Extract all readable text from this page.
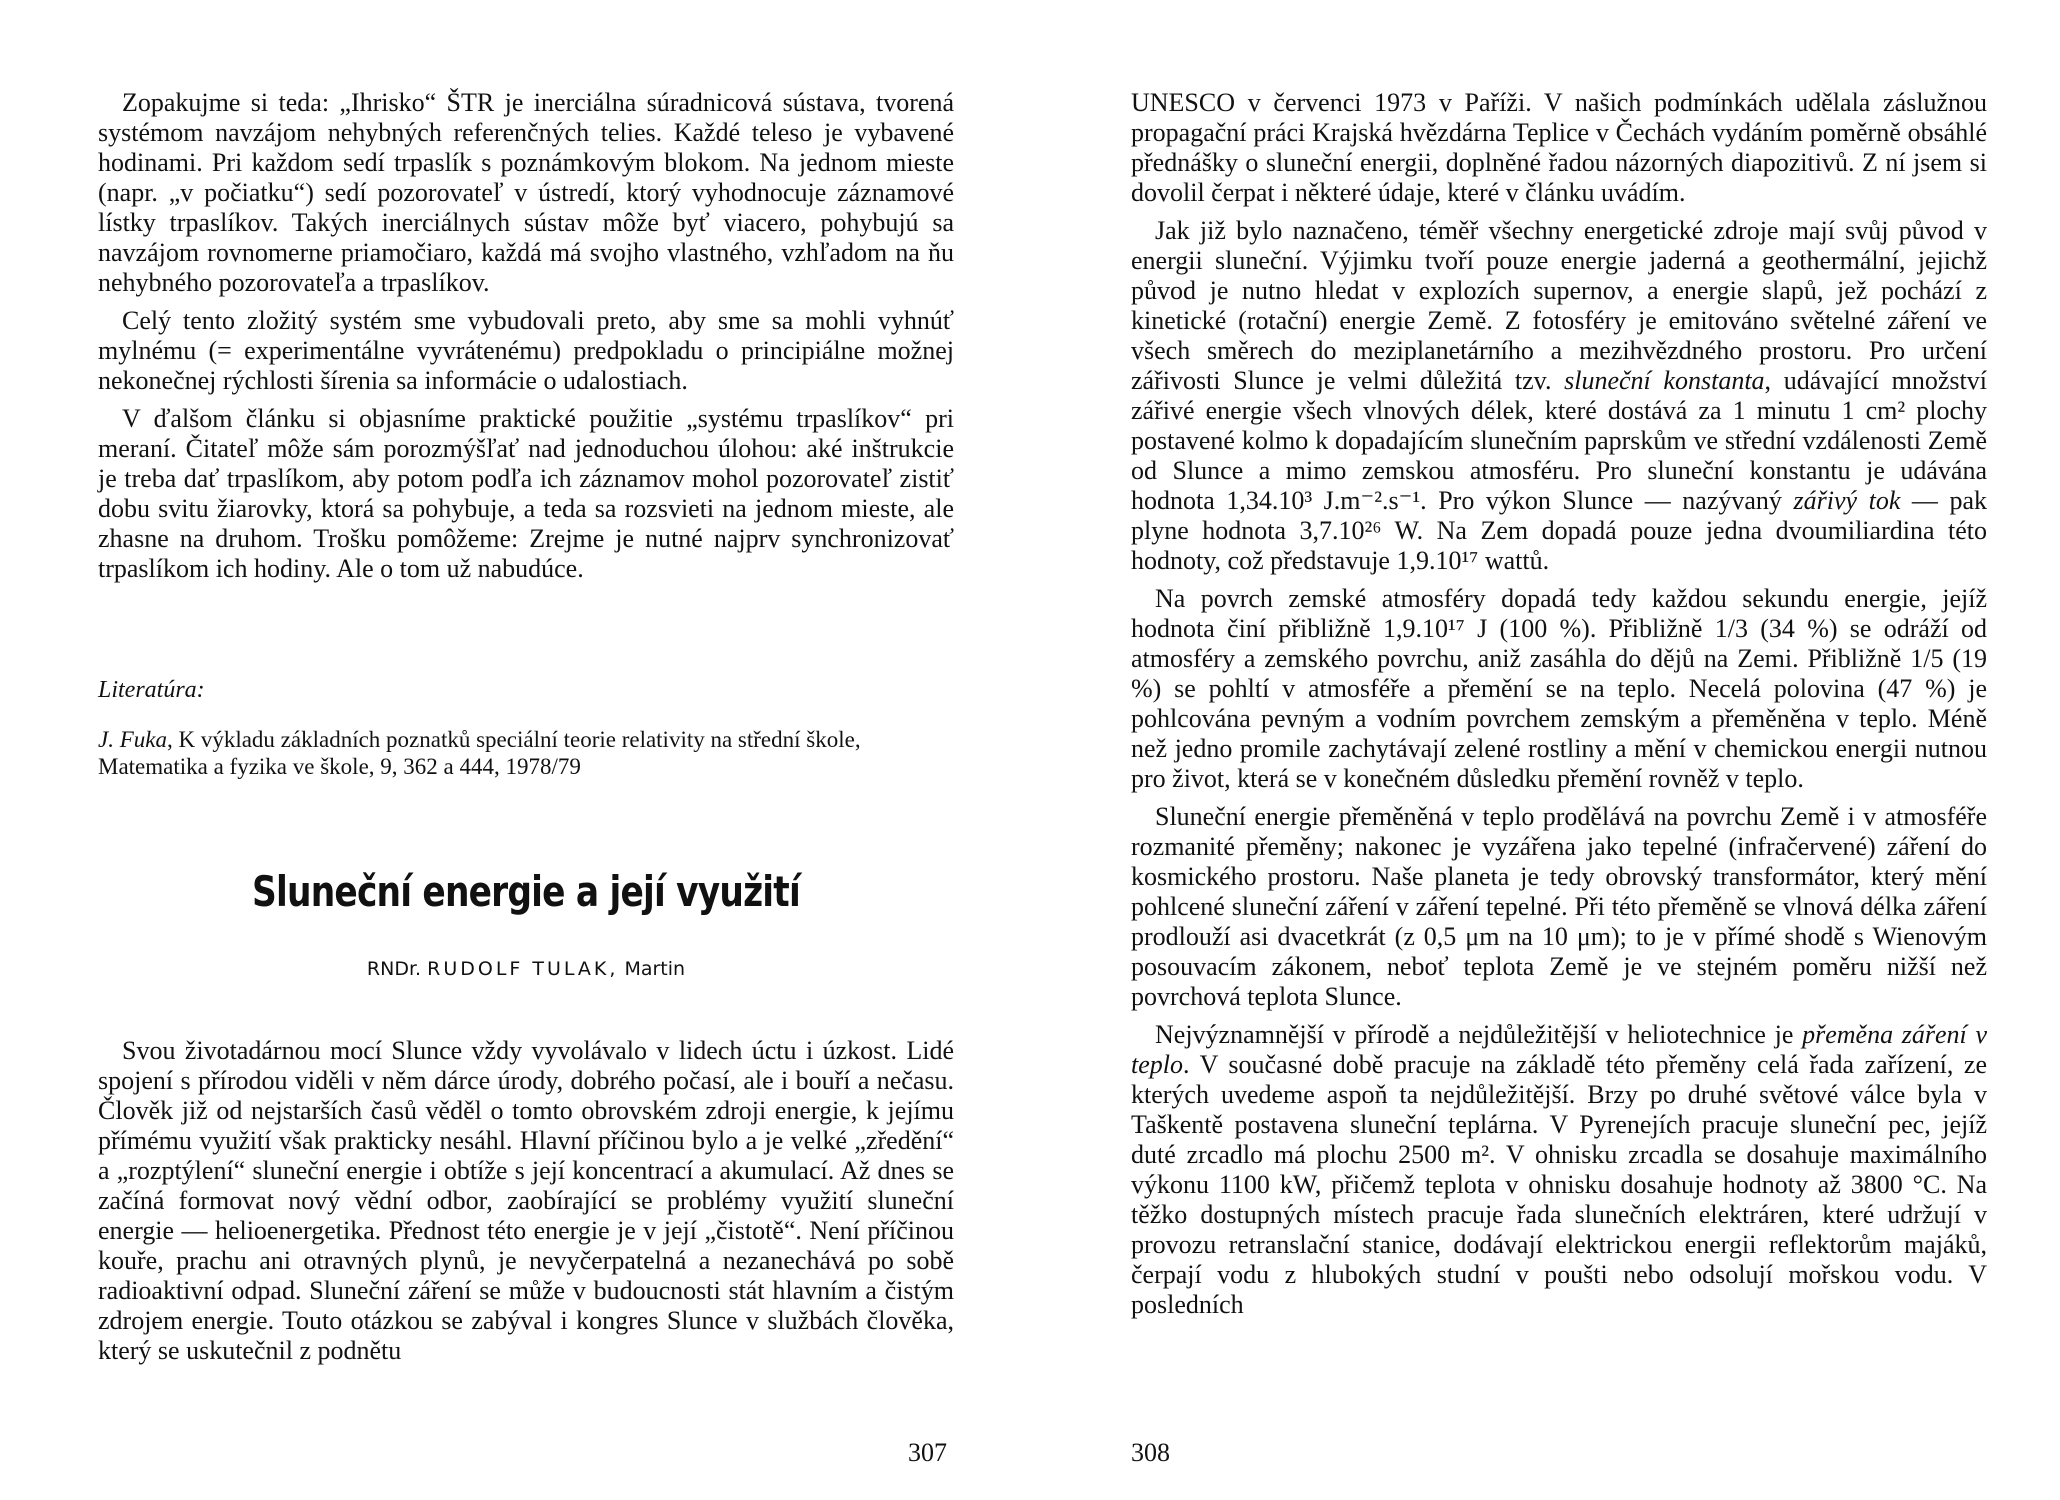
Zopakujme si teda: „Ihrisko“ ŠTR je inerciálna súradnicová sústava, tvorená systémom navzájom nehybných referenčných telies. Každé teleso je vybavené hodinami. Pri každom sedí trpaslík s poznámkovým blokom. Na jednom mieste (napr. „v počiatku“) sedí pozorovateľ v ústredí, ktorý vyhodnocuje záznamové lístky trpaslíkov. Takých inerciálnych sústav môže byť viacero, pohybujú sa navzájom rovnomerne priamočiaro, každá má svojho vlastného, vzhľadom na ňu nehybného pozorovateľa a trpaslíkov.

Celý tento zložitý systém sme vybudovali preto, aby sme sa mohli vyhnúť mylnému (= experimentálne vyvrátenému) predpokladu o principiálne možnej nekonečnej rýchlosti šírenia sa informácie o udalostiach.

V ďalšom článku si objasníme praktické použitie „systému trpaslíkov“ pri meraní. Čitateľ môže sám porozmýšľať nad jednoduchou úlohou: aké inštrukcie je treba dať trpaslíkom, aby potom podľa ich záznamov mohol pozorovateľ zistiť dobu svitu žiarovky, ktorá sa pohybuje, a teda sa rozsvieti na jednom mieste, ale zhasne na druhom. Trošku pomôžeme: Zrejme je nutné najprv synchronizovať trpaslíkom ich hodiny. Ale o tom už nabudúce.

Literatúra:

J. Fuka, K výkladu základních poznatků speciální teorie relativity na střední škole, Matematika a fyzika ve škole, 9, 362 a 444, 1978/79

Sluneční energie a její využití
RNDr. RUDOLF TULAK, Martin

Svou životadárnou mocí Slunce vždy vyvolávalo v lidech úctu i úzkost. Lidé spojení s přírodou viděli v něm dárce úrody, dobrého počasí, ale i bouří a nečasu. Člověk již od nejstarších časů věděl o tomto obrovském zdroji energie, k jejímu přímému využití však prakticky nesáhl. Hlavní příčinou bylo a je velké „zředění“ a „rozptýlení“ sluneční energie i obtíže s její koncentrací a akumulací. Až dnes se začíná formovat nový vědní odbor, zaobírající se problémy využití sluneční energie — helioenergetika. Přednost této energie je v její „čistotě“. Není příčinou kouře, prachu ani otravných plynů, je nevyčerpatelná a nezanechává po sobě radioaktivní odpad. Sluneční záření se může v budoucnosti stát hlavním a čistým zdrojem energie. Touto otázkou se zabýval i kongres Slunce v službách člověka, který se uskutečnil z podnětu

307

UNESCO v červenci 1973 v Paříži. V našich podmínkách udělala záslužnou propagační práci Krajská hvězdárna Teplice v Čechách vydáním poměrně obsáhlé přednášky o sluneční energii, doplněné řadou názorných diapozitivů. Z ní jsem si dovolil čerpat i některé údaje, které v článku uvádím.

Jak již bylo naznačeno, téměř všechny energetické zdroje mají svůj původ v energii sluneční. Výjimku tvoří pouze energie jaderná a geothermální, jejichž původ je nutno hledat v explozích supernov, a energie slapů, jež pochází z kinetické (rotační) energie Země. Z fotosféry je emitováno světelné záření ve všech směrech do meziplanetárního a mezihvězdného prostoru. Pro určení zářivosti Slunce je velmi důležitá tzv. sluneční konstanta, udávající množství zářivé energie všech vlnových délek, které dostává za 1 minutu 1 cm² plochy postavené kolmo k dopadajícím slunečním paprskům ve střední vzdálenosti Země od Slunce a mimo zemskou atmosféru. Pro sluneční konstantu je udávána hodnota 1,34.10³ J.m⁻².s⁻¹. Pro výkon Slunce — nazývaný zářivý tok — pak plyne hodnota 3,7.10²⁶ W. Na Zem dopadá pouze jedna dvoumiliardina této hodnoty, což představuje 1,9.10¹⁷ wattů.

Na povrch zemské atmosféry dopadá tedy každou sekundu energie, jejíž hodnota činí přibližně 1,9.10¹⁷ J (100 %). Přibližně 1/3 (34 %) se odráží od atmosféry a zemského povrchu, aniž zasáhla do dějů na Zemi. Přibližně 1/5 (19 %) se pohltí v atmosféře a přemění se na teplo. Necelá polovina (47 %) je pohlcována pevným a vodním povrchem zemským a přeměněna v teplo. Méně než jedno promile zachytávají zelené rostliny a mění v chemickou energii nutnou pro život, která se v konečném důsledku přemění rovněž v teplo.

Sluneční energie přeměněná v teplo prodělává na povrchu Země i v atmosféře rozmanité přeměny; nakonec je vyzářena jako tepelné (infračervené) záření do kosmického prostoru. Naše planeta je tedy obrovský transformátor, který mění pohlcené sluneční záření v záření tepelné. Při této přeměně se vlnová délka záření prodlouží asi dvacetkrát (z 0,5 μm na 10 μm); to je v přímé shodě s Wienovým posouvacím zákonem, neboť teplota Země je ve stejném poměru nižší než povrchová teplota Slunce.

Nejvýznamnější v přírodě a nejdůležitější v heliotechnice je přeměna záření v teplo. V současné době pracuje na základě této přeměny celá řada zařízení, ze kterých uvedeme aspoň ta nejdůležitější. Brzy po druhé světové válce byla v Taškentě postavena sluneční teplárna. V Pyrenejích pracuje sluneční pec, jejíž duté zrcadlo má plochu 2500 m². V ohnisku zrcadla se dosahuje maximálního výkonu 1100 kW, přičemž teplota v ohnisku dosahuje hodnoty až 3800 °C. Na těžko dostupných místech pracuje řada slunečních elektráren, které udržují v provozu retranslační stanice, dodávají elektrickou energii reflektorům majáků, čerpají vodu z hlubokých studní v poušti nebo odsolují mořskou vodu. V posledních

308
